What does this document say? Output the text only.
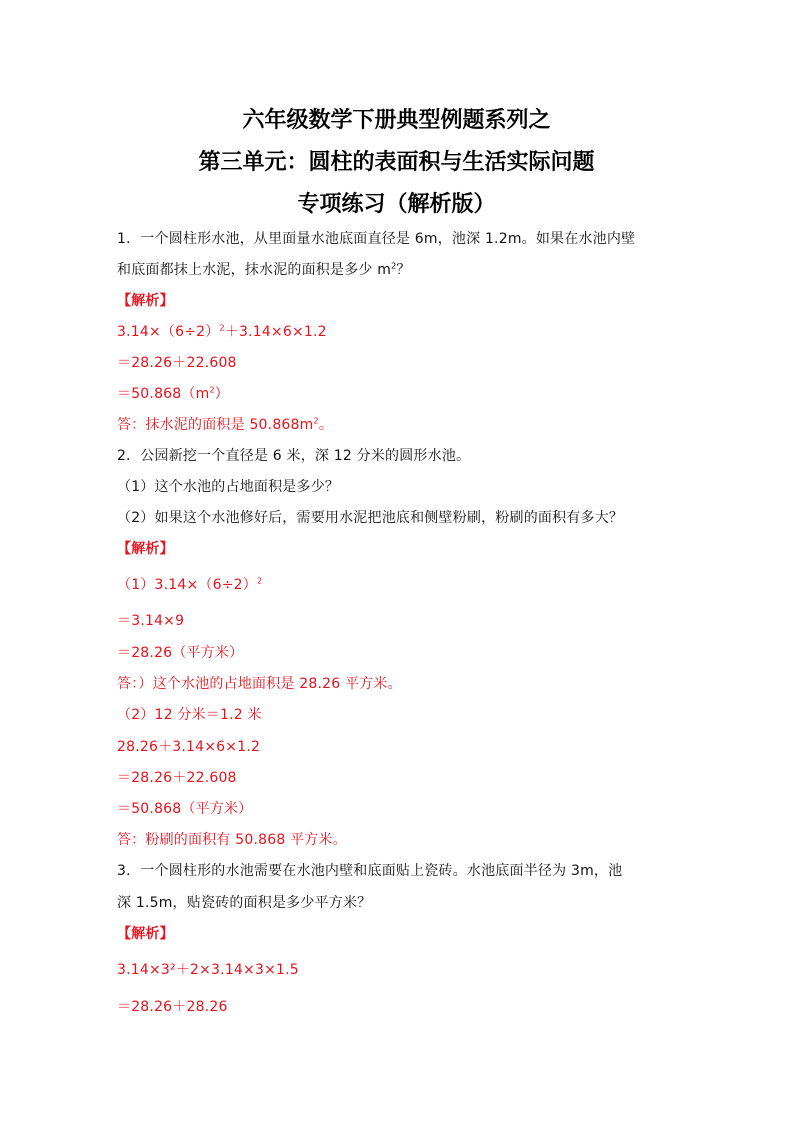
六年级数学下册典型例题系列之
第三单元：圆柱的表面积与生活实际问题
专项练习（解析版）
1．一个圆柱形水池，从里面量水池底面直径是 6m，池深 1.2m。如果在水池内壁
和底面都抹上水泥，抹水泥的面积是多少 $m^2$？
【解析】
$3.14\times(6\div 2)^2+3.14\times 6\times 1.2$
＝28.26＋22.608
$=50.868(m^2)$
答：抹水泥的面积是 $50.868m^2$。
2．公园新挖一个直径是 6 米，深 12 分米的圆形水池。
（1）这个水池的占地面积是多少？
（2）如果这个水池修好后，需要用水泥把池底和侧壁粉刷，粉刷的面积有多大？
【解析】
$(1)3.14\times(6\div 2)^2$
＝3.14×9
＝28.26（平方米）
答：）这个水池的占地面积是 28.26 平方米。
（2）12 分米＝1.2 米
28.26＋3.14×6×1.2
＝28.26＋22.608
＝50.868（平方米）
答：粉刷的面积有 50.868 平方米。
3．一个圆柱形的水池需要在水池内壁和底面贴上瓷砖。水池底面半径为 3m，池
深 1.5m，贴瓷砖的面积是多少平方米？
【解析】
3.14×3²＋2×3.14×3×1.5
＝28.26＋28.26
